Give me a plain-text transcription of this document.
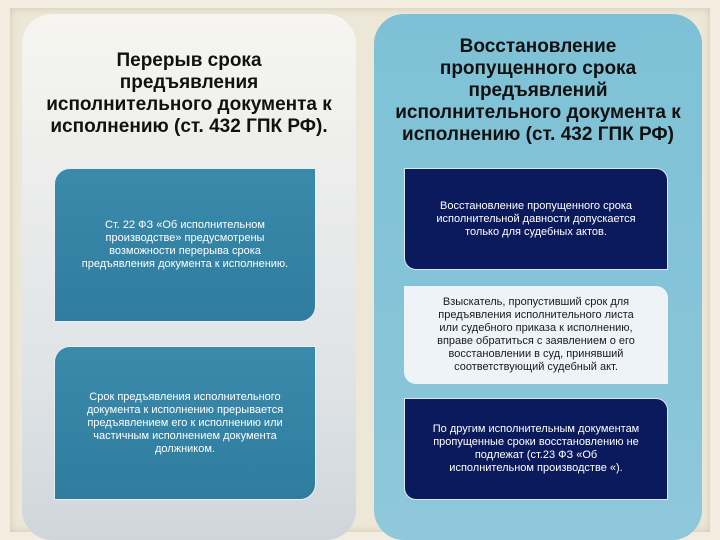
Перерыв срока
предъявления
исполнительного документа к
исполнению (ст. 432 ГПК РФ).
Ст. 22 ФЗ «Об исполнительном
производстве» предусмотрены
возможности перерыва срока
предъявления документа к исполнению.
Срок предъявления исполнительного
документа к исполнению прерывается
предъявлением его к исполнению или
частичным исполнением документа
должником.
Восстановление
пропущенного срока
предъявлений
исполнительного документа к
исполнению (ст. 432 ГПК РФ)
Восстановление пропущенного срока
исполнительной давности допускается
только для судебных актов.
Взыскатель, пропустивший срок для
предъявления исполнительного листа
или судебного приказа к исполнению,
вправе обратиться с заявлением о его
восстановлении в суд, принявший
соответствующий судебный акт.
По другим исполнительным документам
пропущенные сроки восстановлению не
подлежат (ст.23 ФЗ «Об
исполнительном производстве «).
